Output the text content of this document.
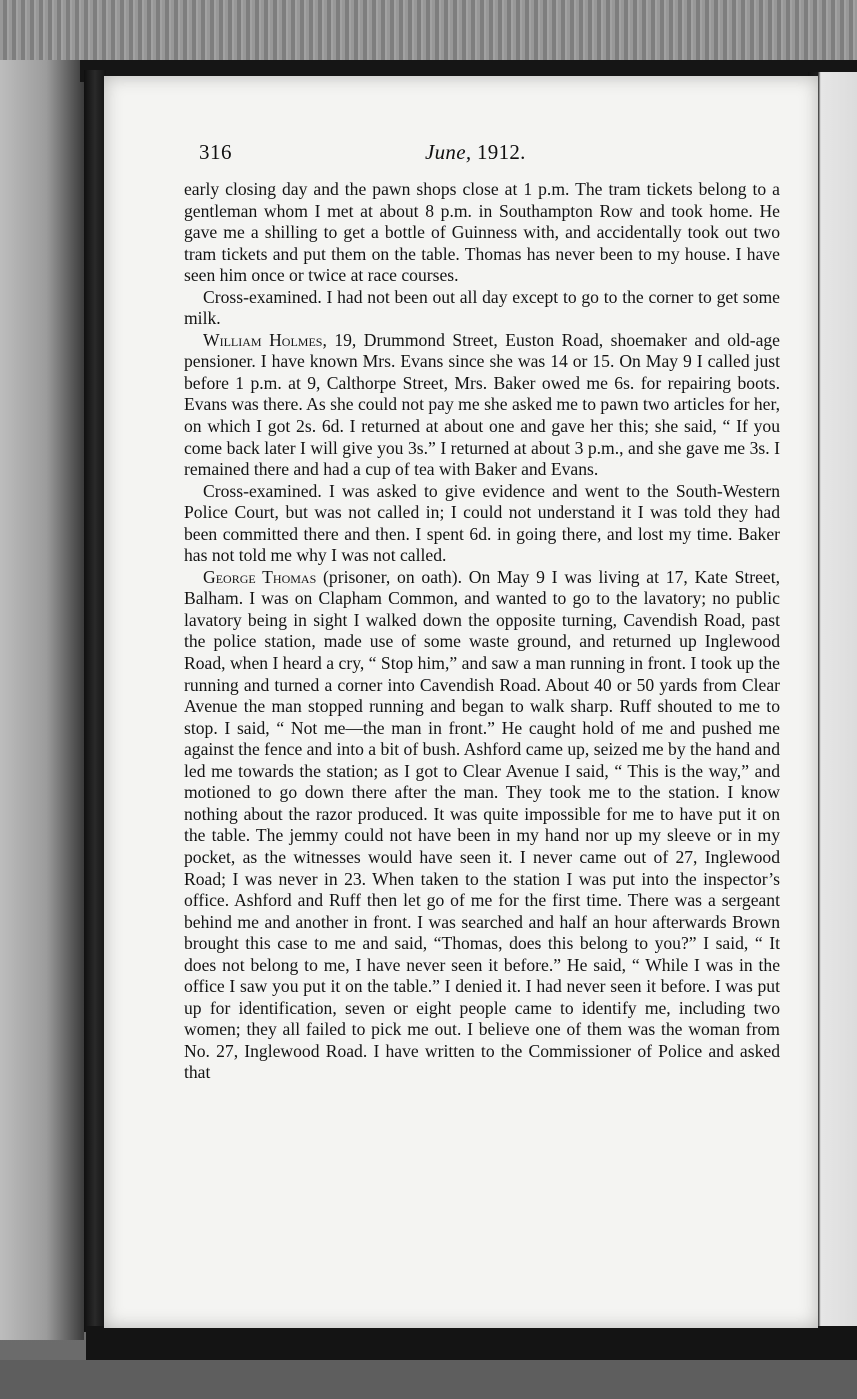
316	June, 1912.

early closing day and the pawn shops close at 1 p.m. The tram tickets belong to a gentleman whom I met at about 8 p.m. in Southampton Row and took home. He gave me a shilling to get a bottle of Guinness with, and accidentally took out two tram tickets and put them on the table. Thomas has never been to my house. I have seen him once or twice at race courses.

Cross-examined. I had not been out all day except to go to the corner to get some milk.

William Holmes, 19, Drummond Street, Euston Road, shoemaker and old-age pensioner. I have known Mrs. Evans since she was 14 or 15. On May 9 I called just before 1 p.m. at 9, Calthorpe Street, Mrs. Baker owed me 6s. for repairing boots. Evans was there. As she could not pay me she asked me to pawn two articles for her, on which I got 2s. 6d. I returned at about one and gave her this; she said, “ If you come back later I will give you 3s.” I returned at about 3 p.m., and she gave me 3s. I remained there and had a cup of tea with Baker and Evans.

Cross-examined. I was asked to give evidence and went to the South-Western Police Court, but was not called in; I could not understand it I was told they had been committed there and then. I spent 6d. in going there, and lost my time. Baker has not told me why I was not called.

George Thomas (prisoner, on oath). On May 9 I was living at 17, Kate Street, Balham. I was on Clapham Common, and wanted to go to the lavatory; no public lavatory being in sight I walked down the opposite turning, Cavendish Road, past the police station, made use of some waste ground, and returned up Inglewood Road, when I heard a cry, “ Stop him,” and saw a man running in front. I took up the running and turned a corner into Cavendish Road. About 40 or 50 yards from Clear Avenue the man stopped running and began to walk sharp. Ruff shouted to me to stop. I said, “ Not me—the man in front.” He caught hold of me and pushed me against the fence and into a bit of bush. Ashford came up, seized me by the hand and led me towards the station; as I got to Clear Avenue I said, “ This is the way,” and motioned to go down there after the man. They took me to the station. I know nothing about the razor produced. It was quite impossible for me to have put it on the table. The jemmy could not have been in my hand nor up my sleeve or in my pocket, as the witnesses would have seen it. I never came out of 27, Inglewood Road; I was never in 23. When taken to the station I was put into the inspector’s office. Ashford and Ruff then let go of me for the first time. There was a sergeant behind me and another in front. I was searched and half an hour afterwards Brown brought this case to me and said, “Thomas, does this belong to you?” I said, “ It does not belong to me, I have never seen it before.” He said, “ While I was in the office I saw you put it on the table.” I denied it. I had never seen it before. I was put up for identification, seven or eight people came to identify me, including two women; they all failed to pick me out. I believe one of them was the woman from No. 27, Inglewood Road. I have written to the Commissioner of Police and asked that
